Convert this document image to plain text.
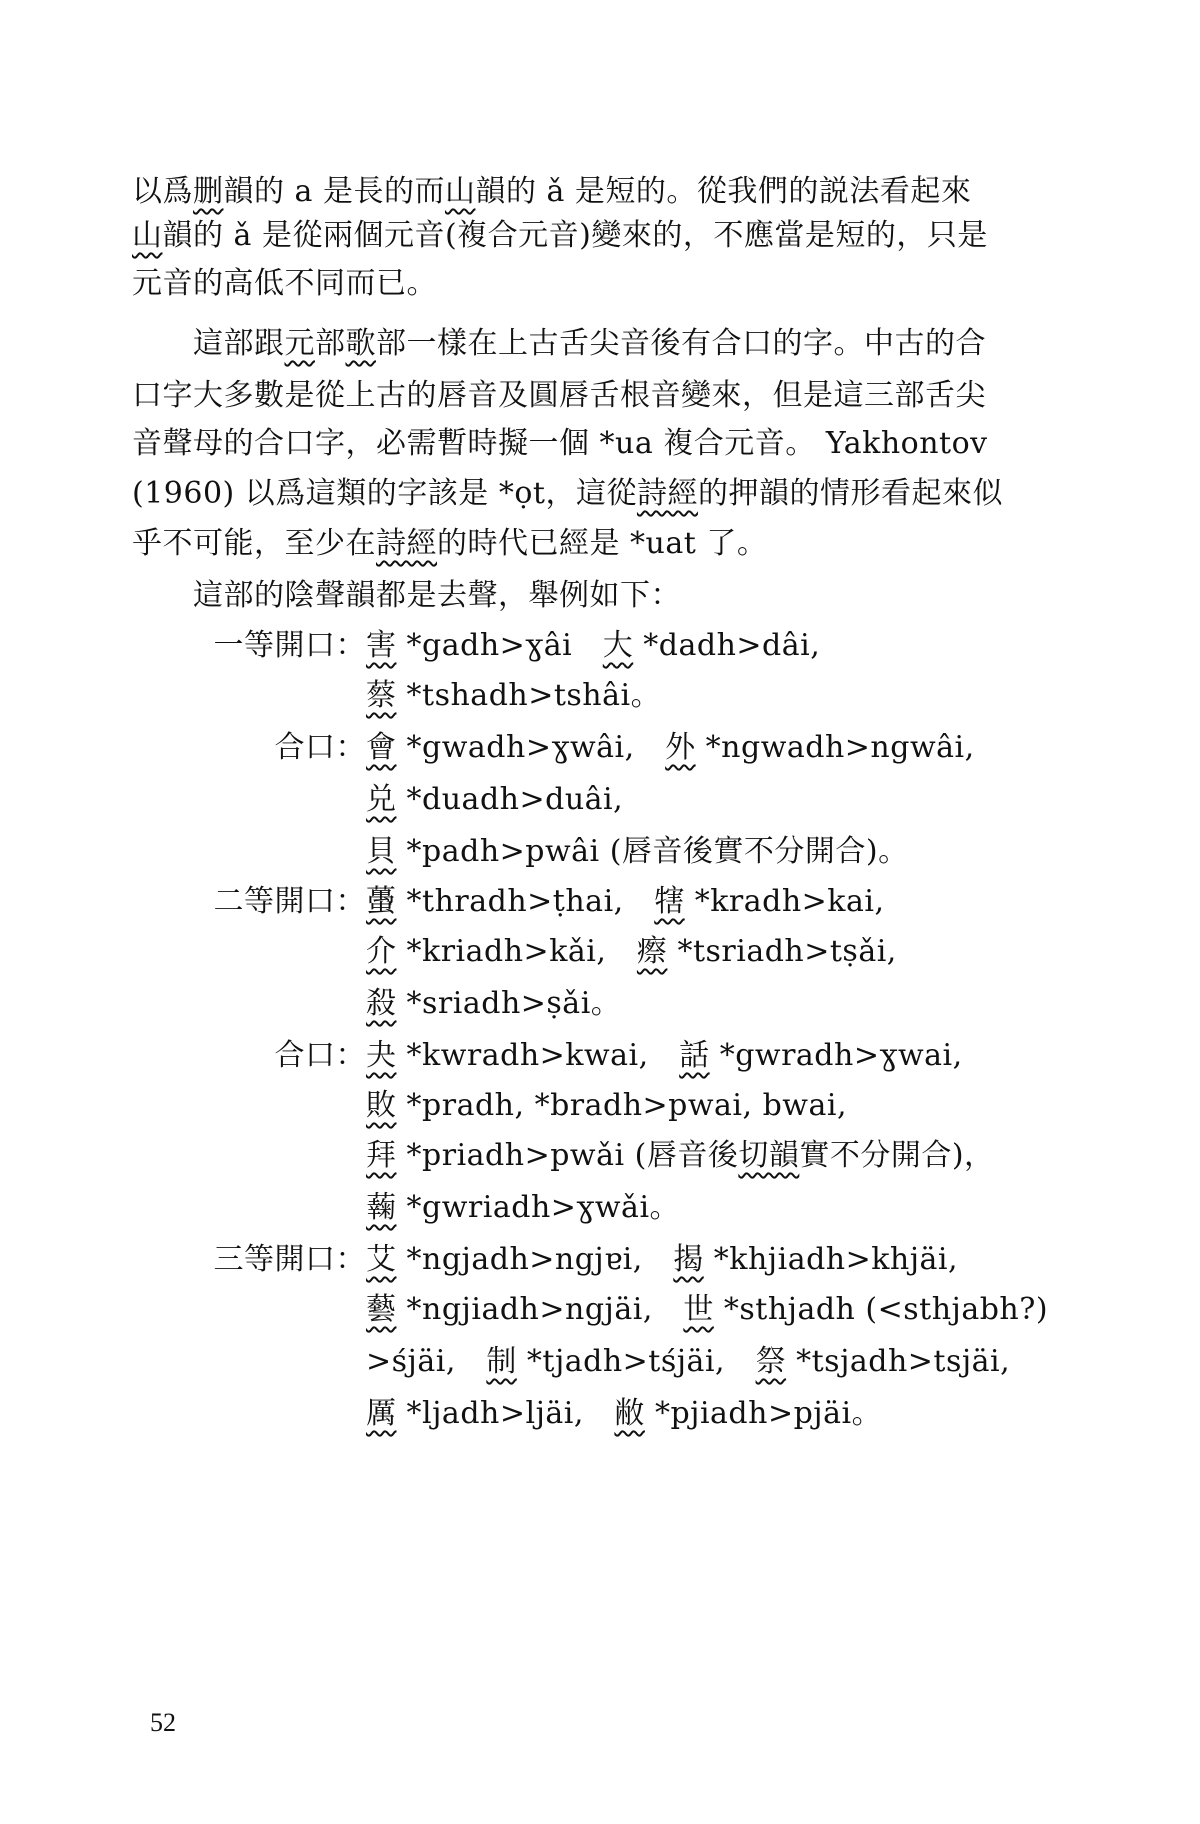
以爲删韻的 a 是長的而山韻的 ǎ 是短的。從我們的説法看起來
山韻的 ǎ 是從兩個元音(複合元音)變來的，不應當是短的，只是
元音的高低不同而已。
　　這部跟元部歌部一樣在上古舌尖音後有合口的字。中古的合
口字大多數是從上古的唇音及圓唇舌根音變來，但是這三部舌尖
音聲母的合口字，必需暫時擬一個 *ua 複合元音。 Yakhontov
(1960) 以爲這類的字該是 *ọt，這從詩經的押韻的情形看起來似
乎不可能，至少在詩經的時代已經是 *uat 了。
　　這部的陰聲韻都是去聲，舉例如下：
一等開口：害 *gadh>ɣâi　 大 *dadh>dâi,
蔡 *tshadh>tshâi。
合口：會 *gwadh>ɣwâi,　 外 *ngwadh>ngwâi,
兑 *duadh>duâi,
貝 *padh>pwâi (唇音後實不分開合)。
二等開口：蠆 *thradh>ṭhai,　 犗 *kradh>kai,
介 *kriadh>kǎi,　 瘵 *tsriadh>tṣǎi,
殺 *sriadh>ṣǎi。
合口：夬 *kwradh>kwai,　 話 *gwradh>ɣwai,
敗 *pradh, *bradh>pwai, bwai,
拜 *priadh>pwǎi (唇音後切韻實不分開合)，
䕮 *gwriadh>ɣwǎi。
三等開口：艾 *ngjadh>ngjɐi,　 揭 *khjiadh>khjäi,
藝 *ngjiadh>ngjäi,　 世 *sthjadh (<sthjabh?)
>śjäi,　 制 *tjadh>tśjäi,　 祭 *tsjadh>tsjäi,
厲 *ljadh>ljäi,　 敝 *pjiadh>pjäi。
52
